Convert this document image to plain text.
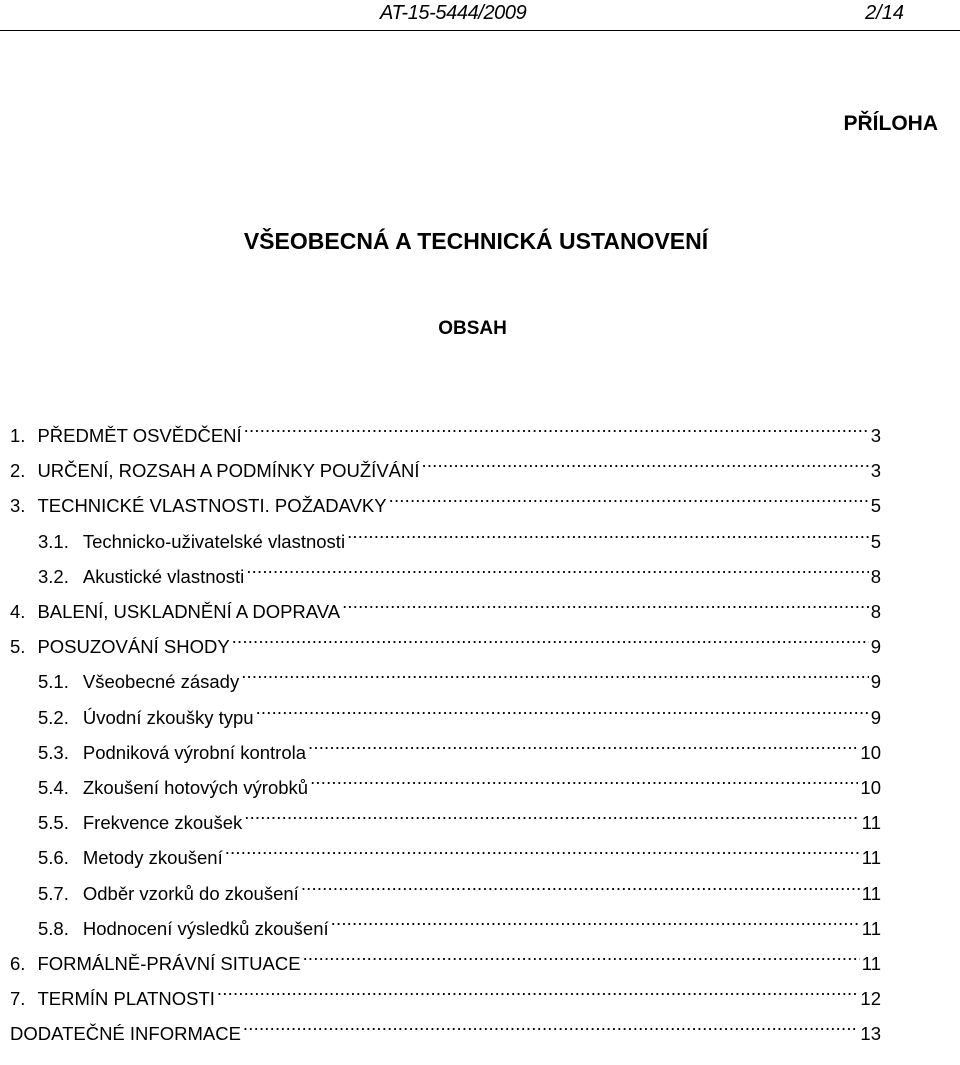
AT-15-5444/2009	2/14
PŘÍLOHA
VŠEOBECNÁ A TECHNICKÁ USTANOVENÍ
OBSAH
1. PŘEDMĚT OSVĚDČENÍ .....	3
2. URČENÍ, ROZSAH A PODMÍNKY POUŽÍVÁNÍ .....	3
3. TECHNICKÉ VLASTNOSTI. POŽADAVKY .....	5
3.1. Technicko-uživatelské vlastnosti .....	5
3.2. Akustické vlastnosti .....	8
4. BALENÍ, USKLADNĚNÍ A DOPRAVA .....	8
5. POSUZOVÁNÍ SHODY .....	9
5.1. Všeobecné zásady .....	9
5.2. Úvodní zkoušky typu .....	9
5.3. Podniková výrobní kontrola .....	10
5.4. Zkoušení hotových výrobků .....	10
5.5. Frekvence zkoušek .....	11
5.6. Metody zkoušení .....	11
5.7. Odběr vzorků do zkoušení .....	11
5.8. Hodnocení výsledků zkoušení .....	11
6. FORMÁLNĚ-PRÁVNÍ SITUACE .....	11
7. TERMÍN PLATNOSTI .....	12
DODATEČNÉ INFORMACE .....	13
